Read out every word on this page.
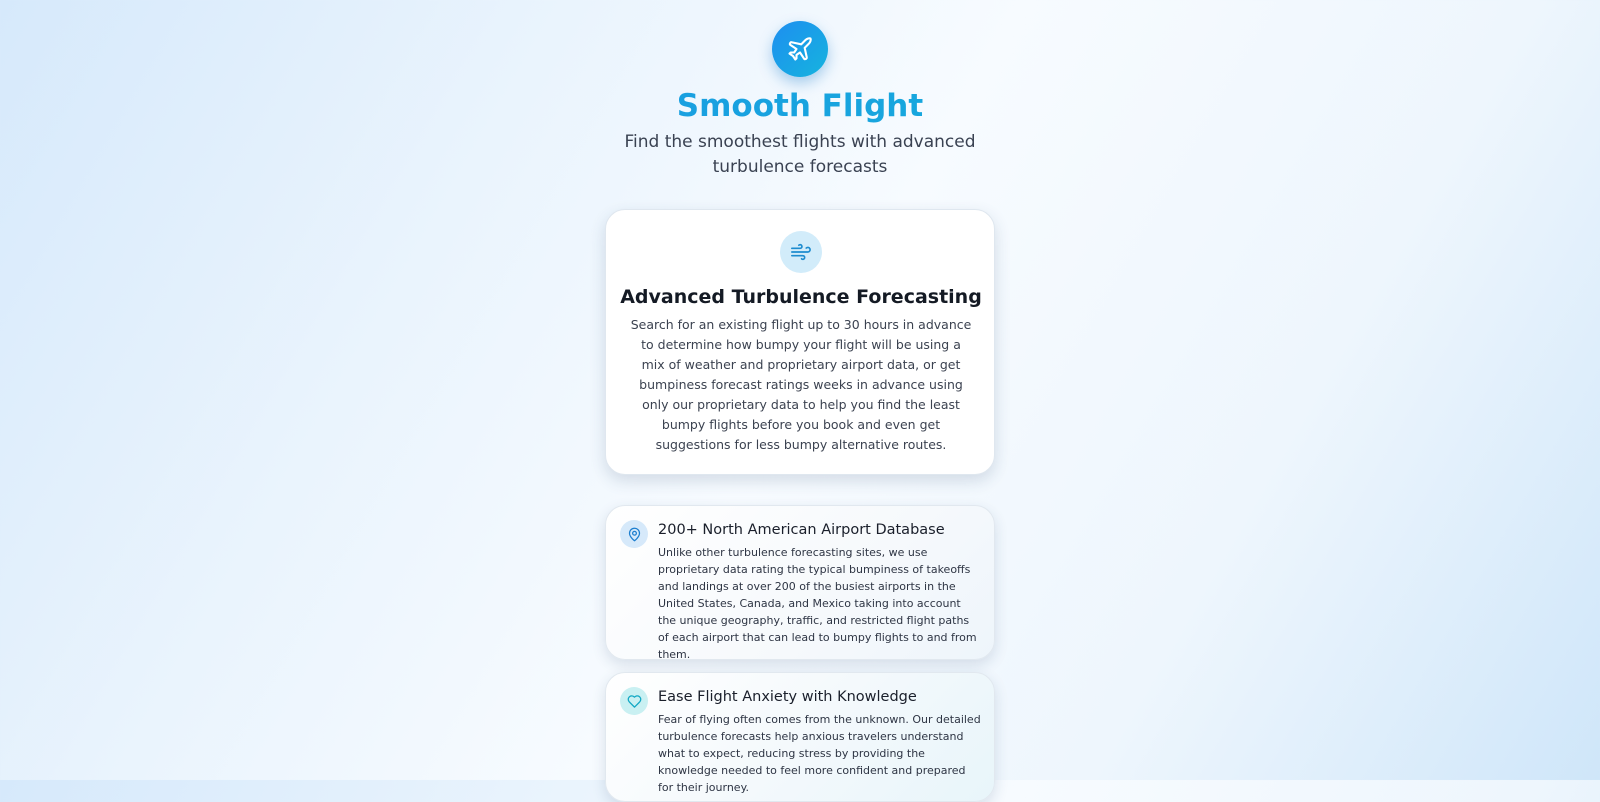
Smooth Flight
Find the smoothest flights with advanced turbulence forecasts
Advanced Turbulence Forecasting
Search for an existing flight up to 30 hours in advance to determine how bumpy your flight will be using a mix of weather and proprietary airport data, or get bumpiness forecast ratings weeks in advance using only our proprietary data to help you find the least bumpy flights before you book and even get suggestions for less bumpy alternative routes.
200+ North American Airport Database
Unlike other turbulence forecasting sites, we use proprietary data rating the typical bumpiness of takeoffs and landings at over 200 of the busiest airports in the United States, Canada, and Mexico taking into account the unique geography, traffic, and restricted flight paths of each airport that can lead to bumpy flights to and from them.
Ease Flight Anxiety with Knowledge
Fear of flying often comes from the unknown. Our detailed turbulence forecasts help anxious travelers understand what to expect, reducing stress by providing the knowledge needed to feel more confident and prepared for their journey.
